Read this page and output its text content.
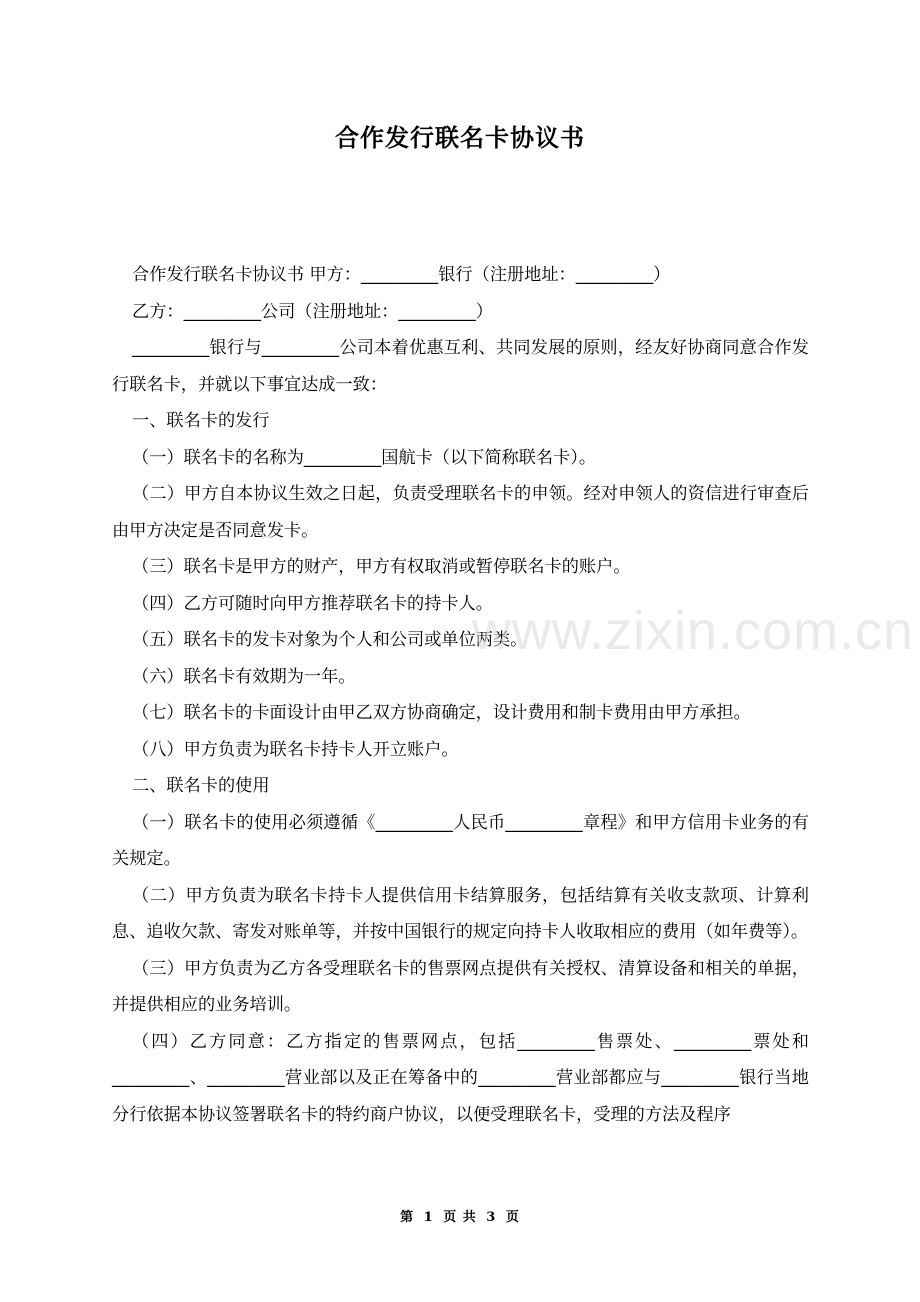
合作发行联名卡协议书

合作发行联名卡协议书 甲方：_________银行（注册地址：_________）

乙方：_________公司（注册地址：_________）

_________银行与_________公司本着优惠互利、共同发展的原则，经友好协商同意合作发行联名卡，并就以下事宜达成一致：

一、联名卡的发行

（一）联名卡的名称为_________国航卡（以下简称联名卡）。

（二）甲方自本协议生效之日起，负责受理联名卡的申领。经对申领人的资信进行审查后由甲方决定是否同意发卡。

（三）联名卡是甲方的财产，甲方有权取消或暂停联名卡的账户。

（四）乙方可随时向甲方推荐联名卡的持卡人。

（五）联名卡的发卡对象为个人和公司或单位两类。

（六）联名卡有效期为一年。

（七）联名卡的卡面设计由甲乙双方协商确定，设计费用和制卡费用由甲方承担。

（八）甲方负责为联名卡持卡人开立账户。

二、联名卡的使用

（一）联名卡的使用必须遵循《_________人民币_________章程》和甲方信用卡业务的有关规定。

（二）甲方负责为联名卡持卡人提供信用卡结算服务，包括结算有关收支款项、计算利息、追收欠款、寄发对账单等，并按中国银行的规定向持卡人收取相应的费用（如年费等）。

（三）甲方负责为乙方各受理联名卡的售票网点提供有关授权、清算设备和相关的单据，并提供相应的业务培训。

（四）乙方同意：乙方指定的售票网点，包括_________售票处、_________票处和_________、_________营业部以及正在筹备中的_________营业部都应与_________银行当地分行依据本协议签署联名卡的特约商户协议，以便受理联名卡，受理的方法及程序

www.zixin.com.cn
第 1 页 共 3 页
